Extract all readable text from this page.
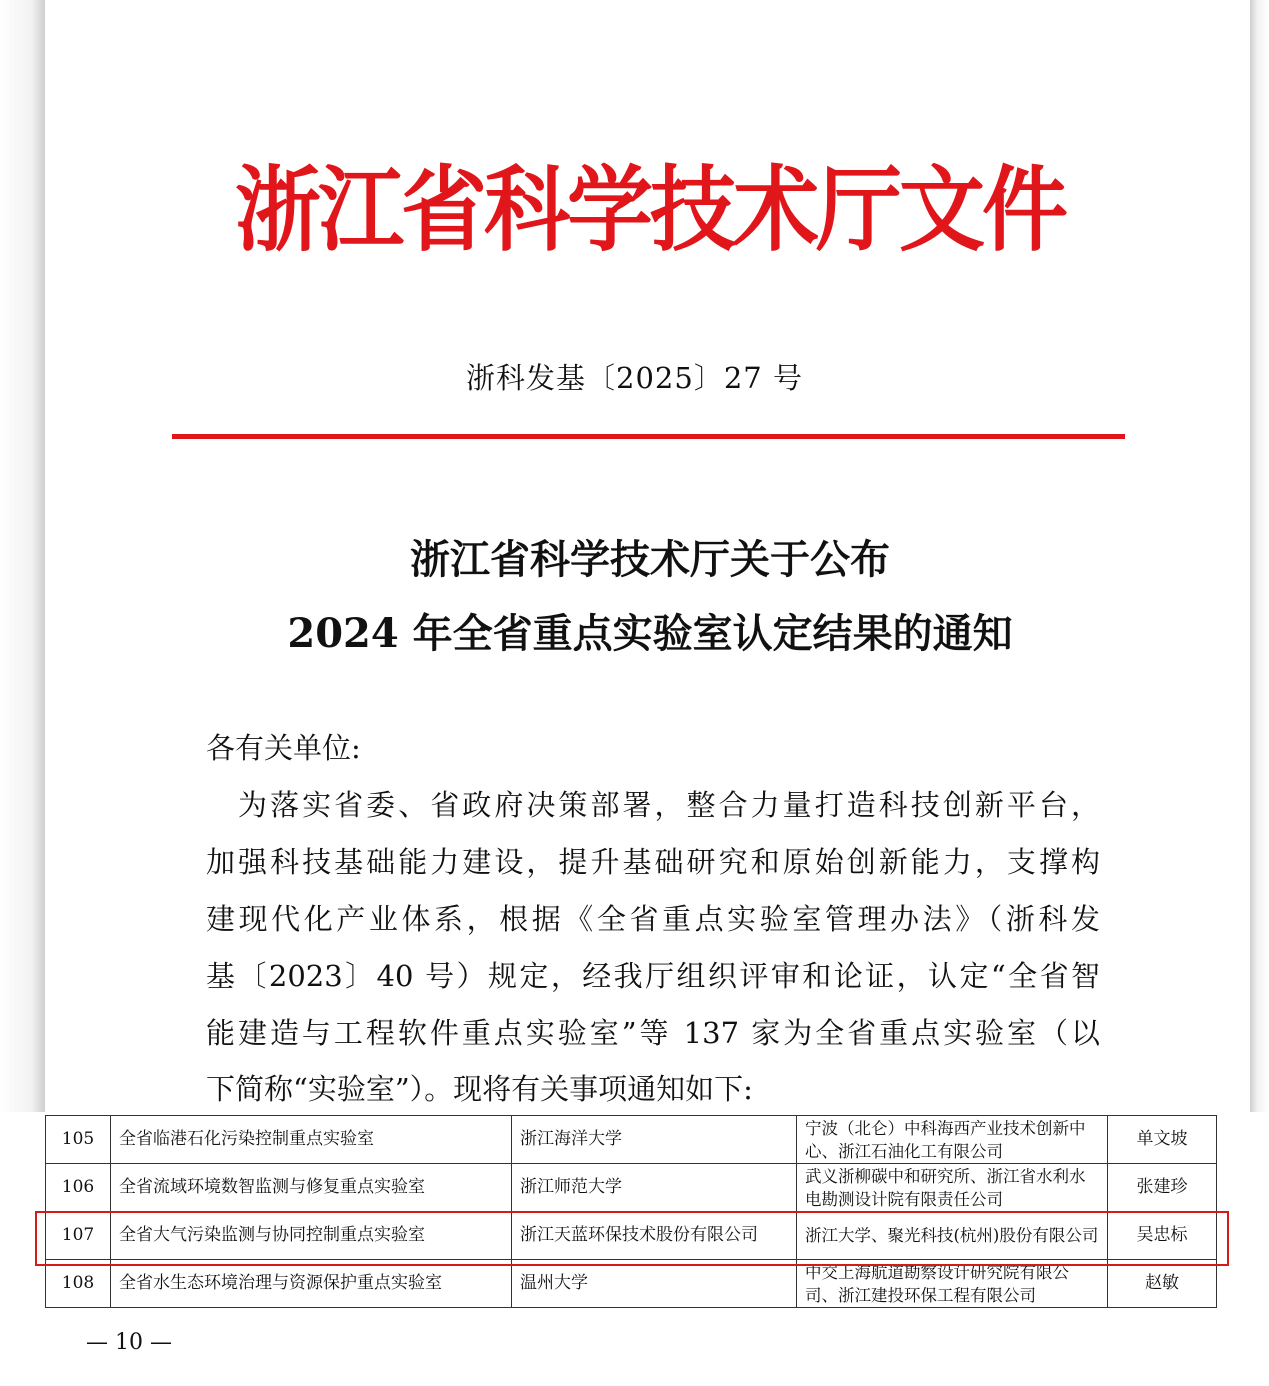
浙江省科学技术厅文件
浙科发基〔2025〕27 号
浙江省科学技术厅关于公布
2024 年全省重点实验室认定结果的通知
各有关单位:
　为落实省委、省政府决策部署，整合力量打造科技创新平台，
加强科技基础能力建设，提升基础研究和原始创新能力，支撑构
建现代化产业体系，根据《全省重点实验室管理办法》（浙科发
基〔2023〕40 号）规定，经我厅组织评审和论证，认定“全省智
能建造与工程软件重点实验室”等 137 家为全省重点实验室（以
下简称“实验室”）。现将有关事项通知如下:
105	全省临港石化污染控制重点实验室	浙江海洋大学	宁波（北仑）中科海西产业技术创新中心、浙江石油化工有限公司	单文坡
106	全省流域环境数智监测与修复重点实验室	浙江师范大学	武义浙柳碳中和研究所、浙江省水利水电勘测设计院有限责任公司	张建珍
107	全省大气污染监测与协同控制重点实验室	浙江天蓝环保技术股份有限公司	浙江大学、聚光科技(杭州)股份有限公司	吴忠标
108	全省水生态环境治理与资源保护重点实验室	温州大学	中交上海航道勘察设计研究院有限公司、浙江建投环保工程有限公司	赵敏
— 10 —
